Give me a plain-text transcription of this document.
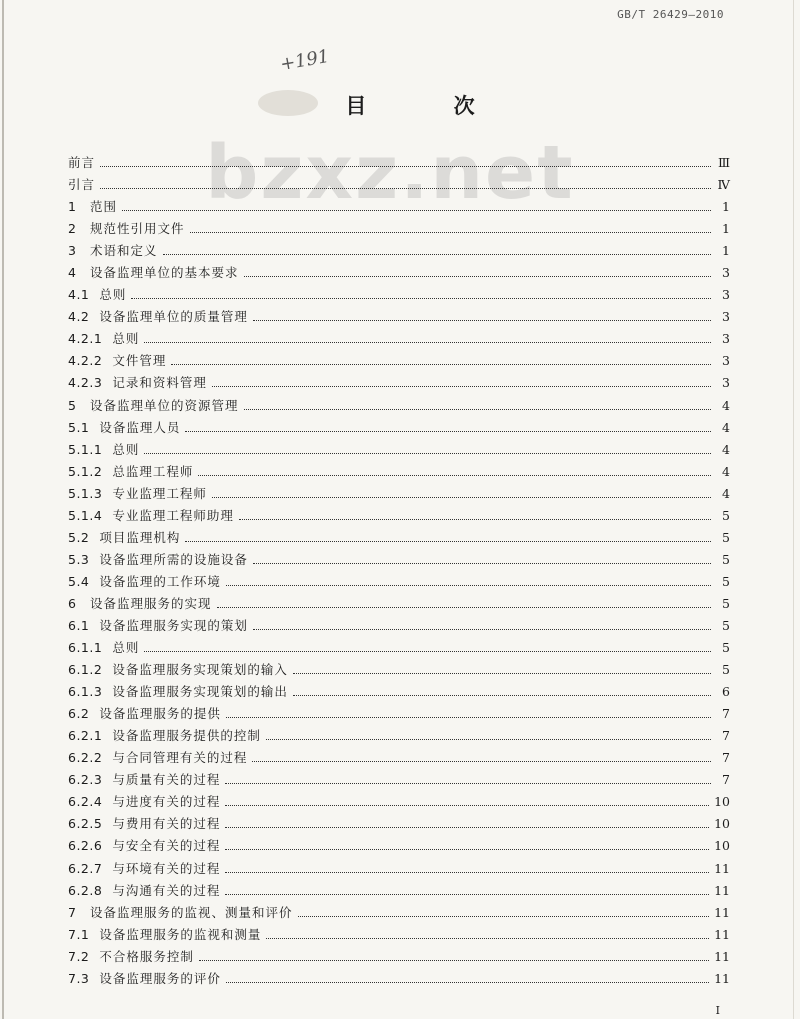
GB/T 26429—2010
+191
目 次
bzxz.net
前言	Ⅲ
引言	Ⅳ
1 范围	1
2 规范性引用文件	1
3 术语和定义	1
4 设备监理单位的基本要求	3
4.1 总则	3
4.2 设备监理单位的质量管理	3
4.2.1 总则	3
4.2.2 文件管理	3
4.2.3 记录和资料管理	3
5 设备监理单位的资源管理	4
5.1 设备监理人员	4
5.1.1 总则	4
5.1.2 总监理工程师	4
5.1.3 专业监理工程师	4
5.1.4 专业监理工程师助理	5
5.2 项目监理机构	5
5.3 设备监理所需的设施设备	5
5.4 设备监理的工作环境	5
6 设备监理服务的实现	5
6.1 设备监理服务实现的策划	5
6.1.1 总则	5
6.1.2 设备监理服务实现策划的输入	5
6.1.3 设备监理服务实现策划的输出	6
6.2 设备监理服务的提供	7
6.2.1 设备监理服务提供的控制	7
6.2.2 与合同管理有关的过程	7
6.2.3 与质量有关的过程	7
6.2.4 与进度有关的过程	10
6.2.5 与费用有关的过程	10
6.2.6 与安全有关的过程	10
6.2.7 与环境有关的过程	11
6.2.8 与沟通有关的过程	11
7 设备监理服务的监视、测量和评价	11
7.1 设备监理服务的监视和测量	11
7.2 不合格服务控制	11
7.3 设备监理服务的评价	11
Ⅰ
